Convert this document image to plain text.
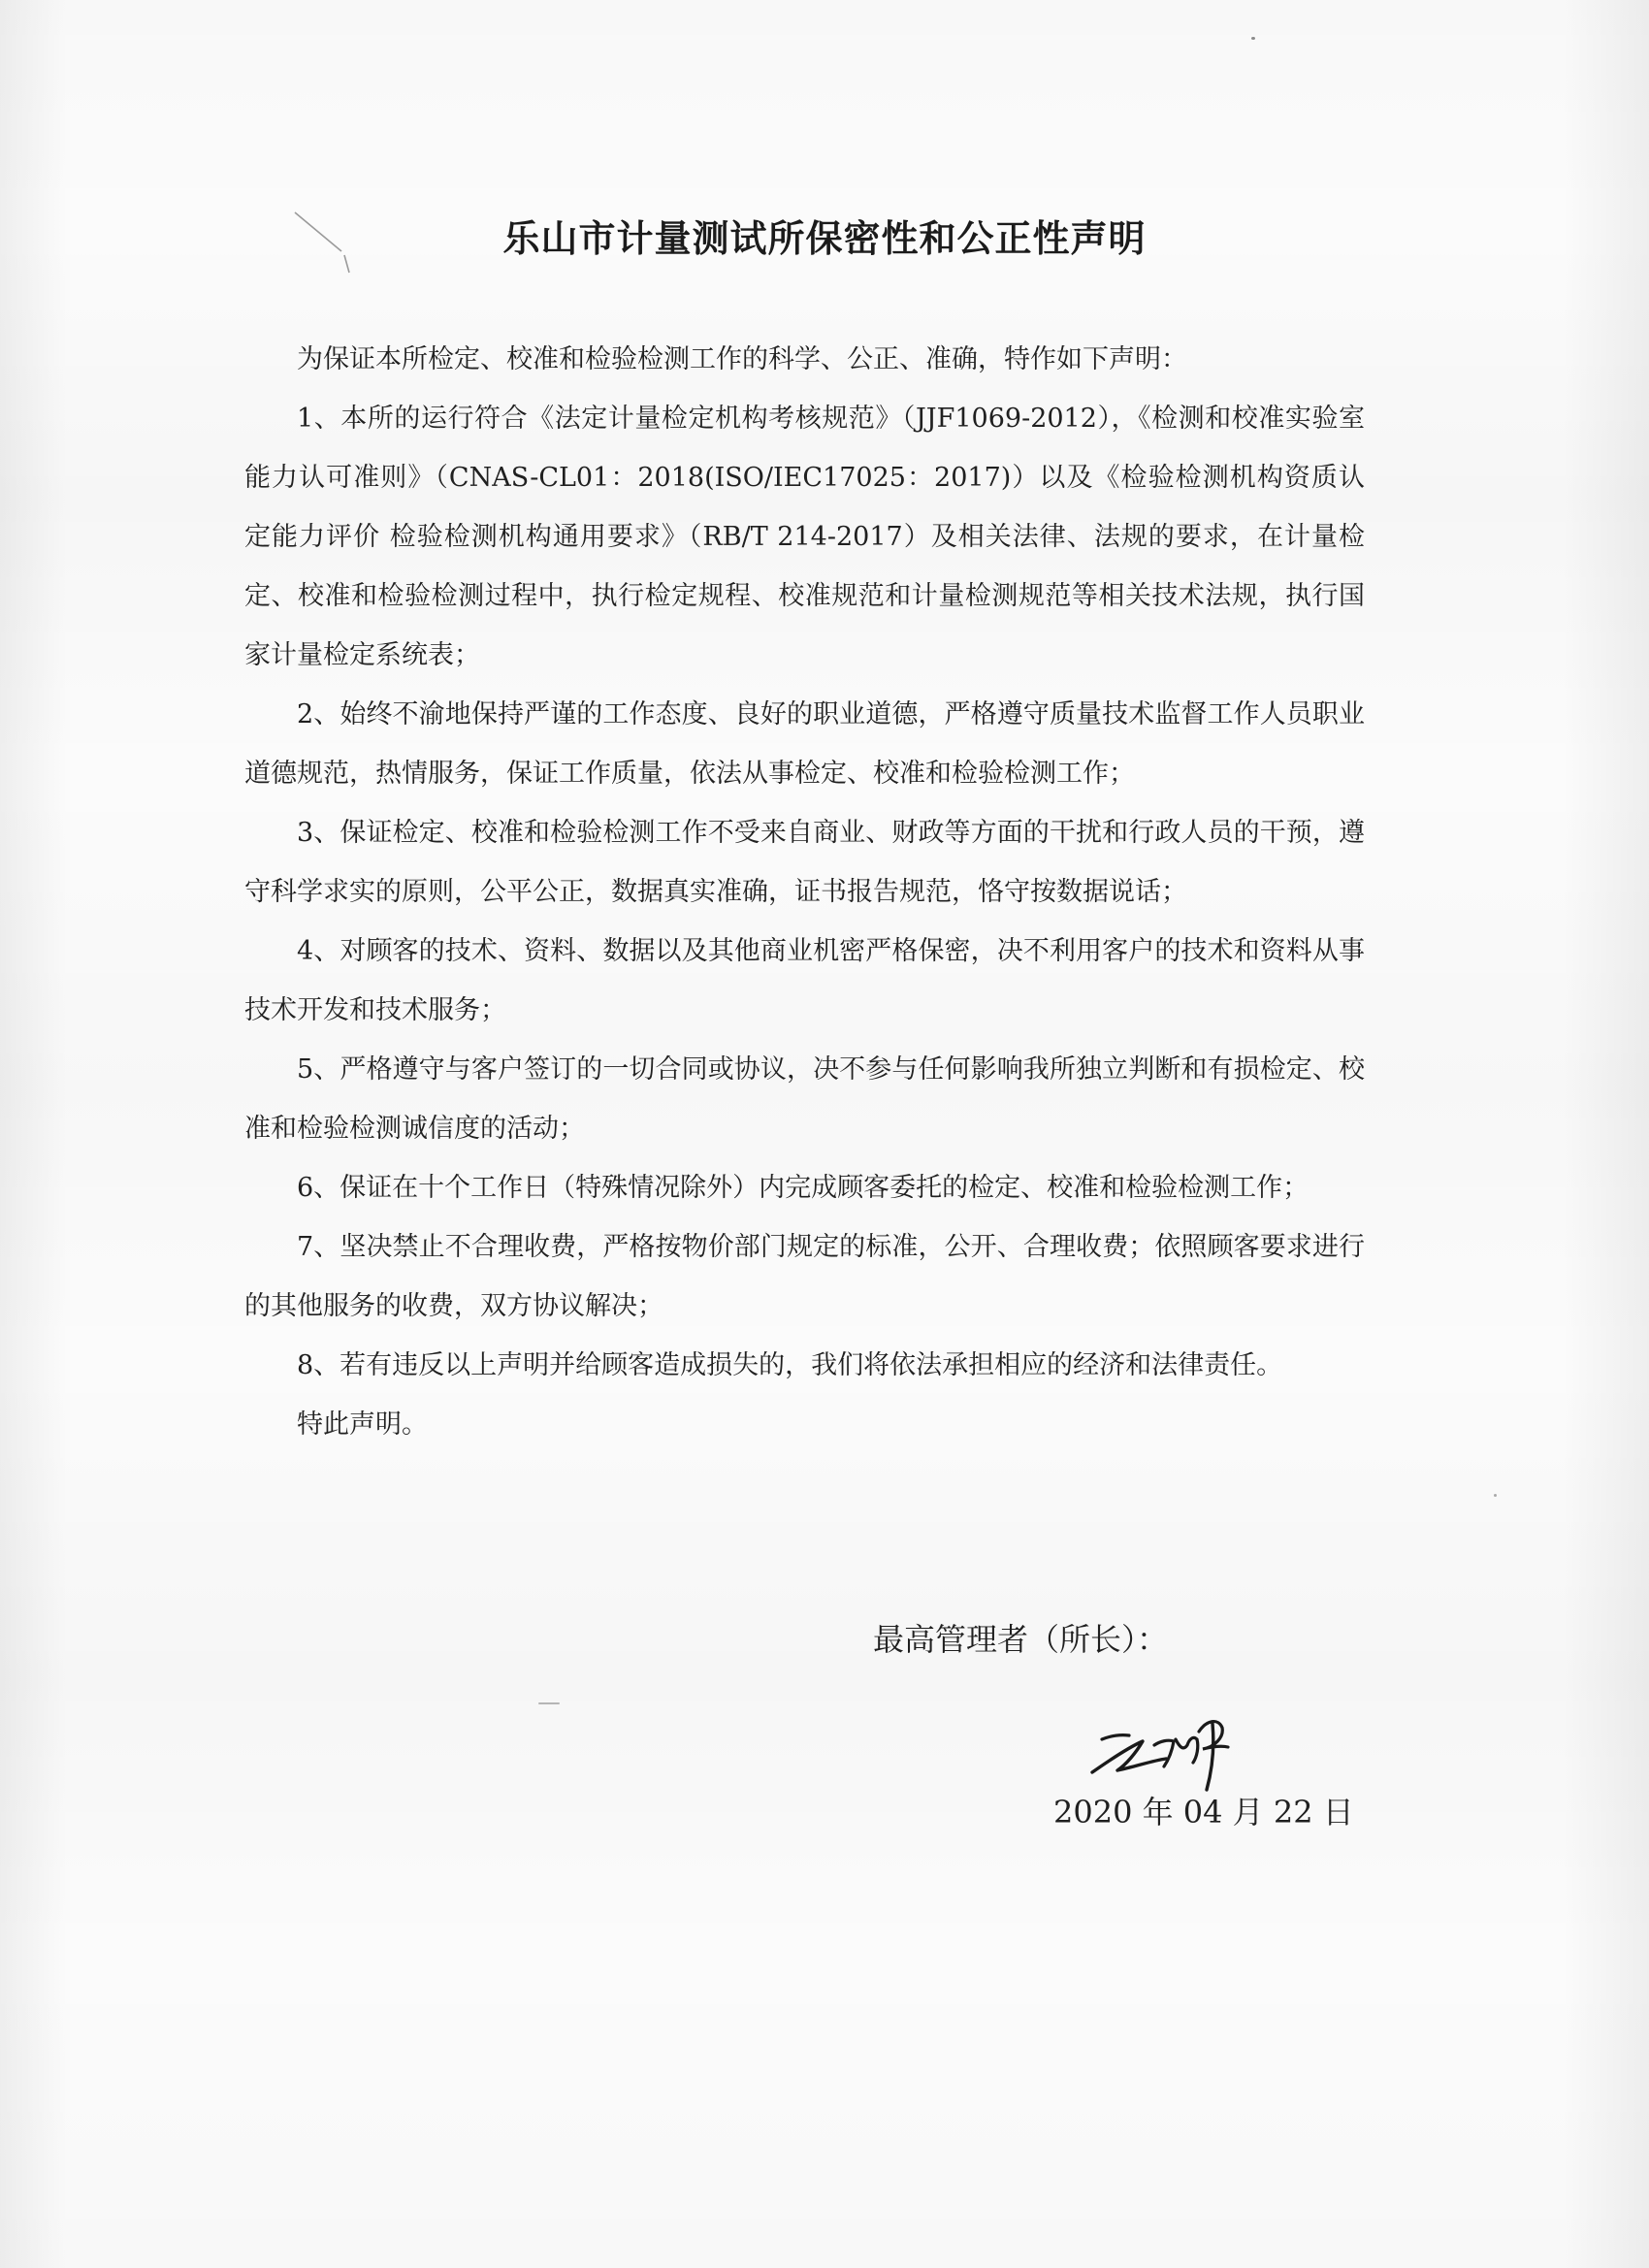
乐山市计量测试所保密性和公正性声明

为保证本所检定、校准和检验检测工作的科学、公正、准确，特作如下声明：

1、本所的运行符合《法定计量检定机构考核规范》（JJF1069-2012），《检测和校准实验室能力认可准则》（CNAS-CL01：2018(ISO/IEC17025：2017)）以及《检验检测机构资质认定能力评价 检验检测机构通用要求》（RB/T 214-2017）及相关法律、法规的要求，在计量检定、校准和检验检测过程中，执行检定规程、校准规范和计量检测规范等相关技术法规，执行国家计量检定系统表；

2、始终不渝地保持严谨的工作态度、良好的职业道德，严格遵守质量技术监督工作人员职业道德规范，热情服务，保证工作质量，依法从事检定、校准和检验检测工作；

3、保证检定、校准和检验检测工作不受来自商业、财政等方面的干扰和行政人员的干预，遵守科学求实的原则，公平公正，数据真实准确，证书报告规范，恪守按数据说话；

4、对顾客的技术、资料、数据以及其他商业机密严格保密，决不利用客户的技术和资料从事技术开发和技术服务；

5、严格遵守与客户签订的一切合同或协议，决不参与任何影响我所独立判断和有损检定、校准和检验检测诚信度的活动；

6、保证在十个工作日（特殊情况除外）内完成顾客委托的检定、校准和检验检测工作；

7、坚决禁止不合理收费，严格按物价部门规定的标准，公开、合理收费；依照顾客要求进行的其他服务的收费，双方协议解决；

8、若有违反以上声明并给顾客造成损失的，我们将依法承担相应的经济和法律责任。

特此声明。

最高管理者（所长）：
2020 年 04 月 22 日
